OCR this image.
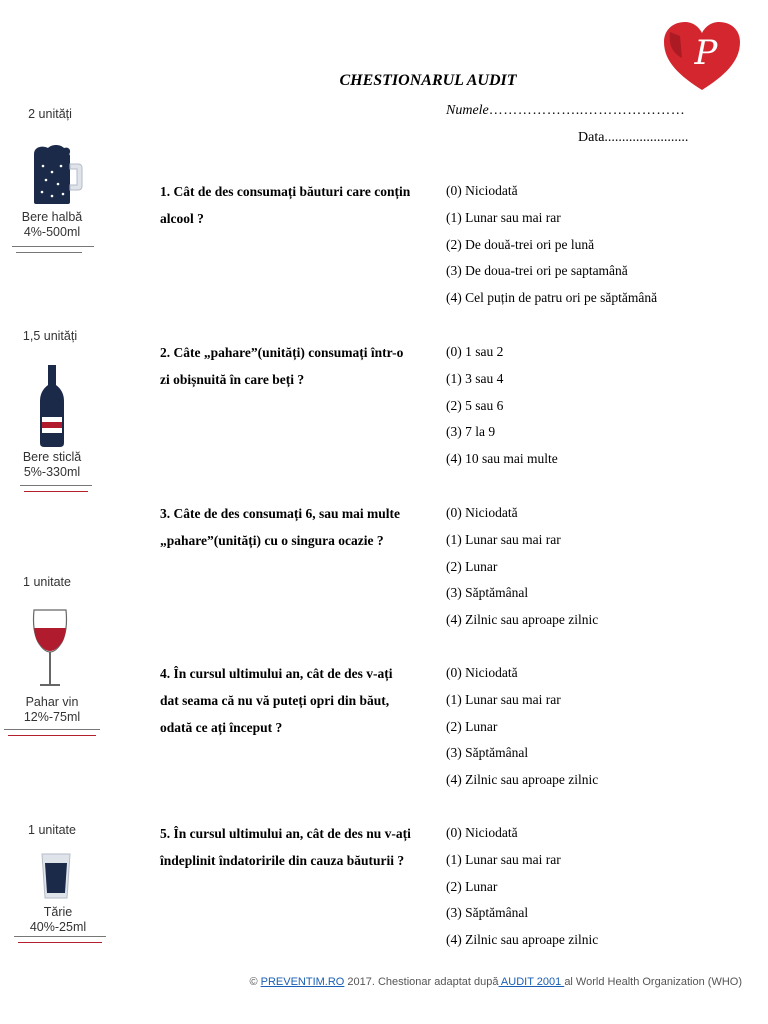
P
CHESTIONARUL AUDIT
Numele………………..…………………
Data........................
2 unități
Bere halbă
4%-500ml
1,5 unități
Bere sticlă
5%-330ml
1 unitate
Pahar vin
12%-75ml
1 unitate
Tărie
40%-25ml
1. Cât de des consumați băuturi care conțin alcool ?
(0) Niciodată
(1) Lunar sau mai rar
(2) De două-trei ori pe lună
(3) De doua-trei ori pe saptamână
(4) Cel puțin de patru ori pe săptămână
2. Câte „pahare”(unități) consumați într-o zi obișnuită în care beți ?
(0) 1 sau 2
(1) 3 sau 4
(2) 5 sau 6
(3) 7 la 9
(4) 10 sau mai multe
3. Câte de des consumați 6, sau mai multe „pahare”(unități) cu o singura ocazie ?
(0) Niciodată
(1) Lunar sau mai rar
(2) Lunar
(3) Săptămânal
(4) Zilnic sau aproape zilnic
4. În cursul ultimului an, cât de des v-ați dat seama că nu vă puteți opri din băut, odată ce ați început ?
(0) Niciodată
(1) Lunar sau mai rar
(2) Lunar
(3) Săptămânal
(4) Zilnic sau aproape zilnic
5. În cursul ultimului an, cât de des nu v-ați îndeplinit îndatoririle din cauza băuturii ?
(0) Niciodată
(1) Lunar sau mai rar
(2) Lunar
(3) Săptămânal
(4) Zilnic sau aproape zilnic
© PREVENTIM.RO 2017. Chestionar adaptat după AUDIT 2001 al World Health Organization (WHO)
